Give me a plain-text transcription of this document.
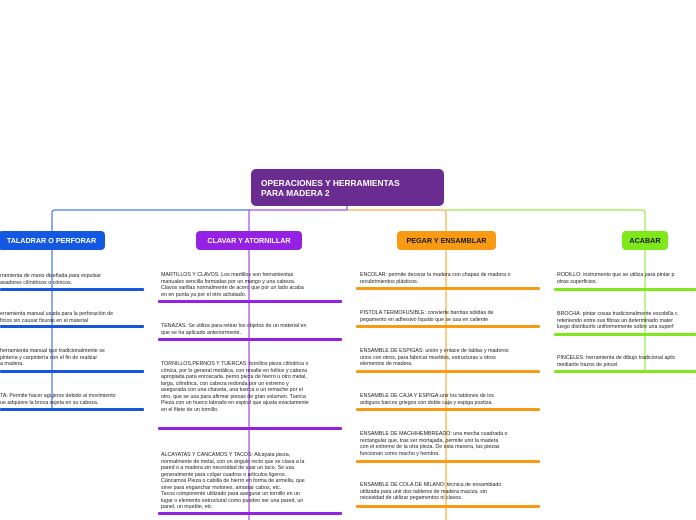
OPERACIONES Y HERRAMIENTAS
PARA MADERA 2
TALADRAR O PERFORAR	CLAVAR Y ATORNILLAR	PEGAR Y ENSAMBLAR	ACABAR

rramienta de mano diseñada para expulsar

asadores cilíndricos o cónicos.

erramienta manual usada para la perforación de

ficios sin causar fisuras en el material

herramienta manual que tradicionalmente se

pintería y carpintería con el fin de realizar

a madera.

TA: Permite hacer agujeros debido al movimiento

ue adquiere la broca sujeta en su cabeza.

MARTILLOS Y CLAVOS: Los martillos son herramientas

manuales sencilla formadas por un mango y una cabeza.

Clavos varillas normalmente de acero que por un lado acaba

en en punta ya por el otro achatado.

TENAZAS: Se utiliza para retirar los objetos de un material en

que se ha aplicado anteriormente.

TORNILLOS,PERNOS Y TUERCAS: tornillos pieza cilíndrica o

cónica, por lo general metálica, con resalte en hélice y cabeza

apropiada para enroscarla. perno pieza de hierro u otro metal,

larga, cilíndrica, con cabeza redonda por un extremo y

asegurada con una chaveta, una tuerca o un remache por el

otro, que se usa para afirmar piezas de gran volumen. Tuerca

Pieza con un hueco labrado en espiral que ajusta exactamente

en el filete de un tornillo.

ALCAYATAS Y CANCAMOS Y TACOS: Alcayata pieza,

normalmente de metal, con un ángulo recto que se clava a la

pared o a madera sin necesidad de usar un taco. Se usa

generalmente para colgar cuadros o artículos ligeros.

Cáncamos Pieza o cabilla de hierro en forma de armella, que

sirve para enganchar motones, amarrar cabos, etc.

Tacos componente utilizado para asegurar un tornillo en un

lugar o elemento estructural como pueden ser una pared, un

panel, un mueble, etc.

ENCOLAR: permite decorar la madera con chapas de madera o

recubrimientos plásticos.

PISTOLA TERMOFUSIBLE: convierte barritas sólidas de

pegamento en adhesivo líquido que se usa en caliente

ENSAMBLE DE ESPIGAS: unión y enlace de tablas y maderos

unos con otros, para fabricar muebles, estructuras u otros

elementos de madera.

ENSAMBLE DE CAJA Y ESPIGA:unir los tablones de los

antiguos barcos griegos con doble caja y espiga postiza.

ENSAMBLE DE MACHIHEMBREADO: una mecha cuadrada o

rectangular que, tras ser mortajada, permite unir la madera

con el extremo de la otra pieza. De esta manera, las piezas

funcionan como macho y hembra.

ENSAMBLE DE COLA DE MILANO: técnica de ensamblado

utilizada para unir dos tableros de madera maciza, sin

necesidad de utilizar pegamentos ni clavos.

RODILLO: instrumento que se utiliza para pintar p

otras superficies.

BROCHA: pintar cosas tradicionalmente escobilla c

reteniendo entre sus fibras un determinado mater

luego distribuirlo uniformemente sobre una superf

PINCELES: herramienta de dibujo tradicional aplic

mediante trazos de pincel.
